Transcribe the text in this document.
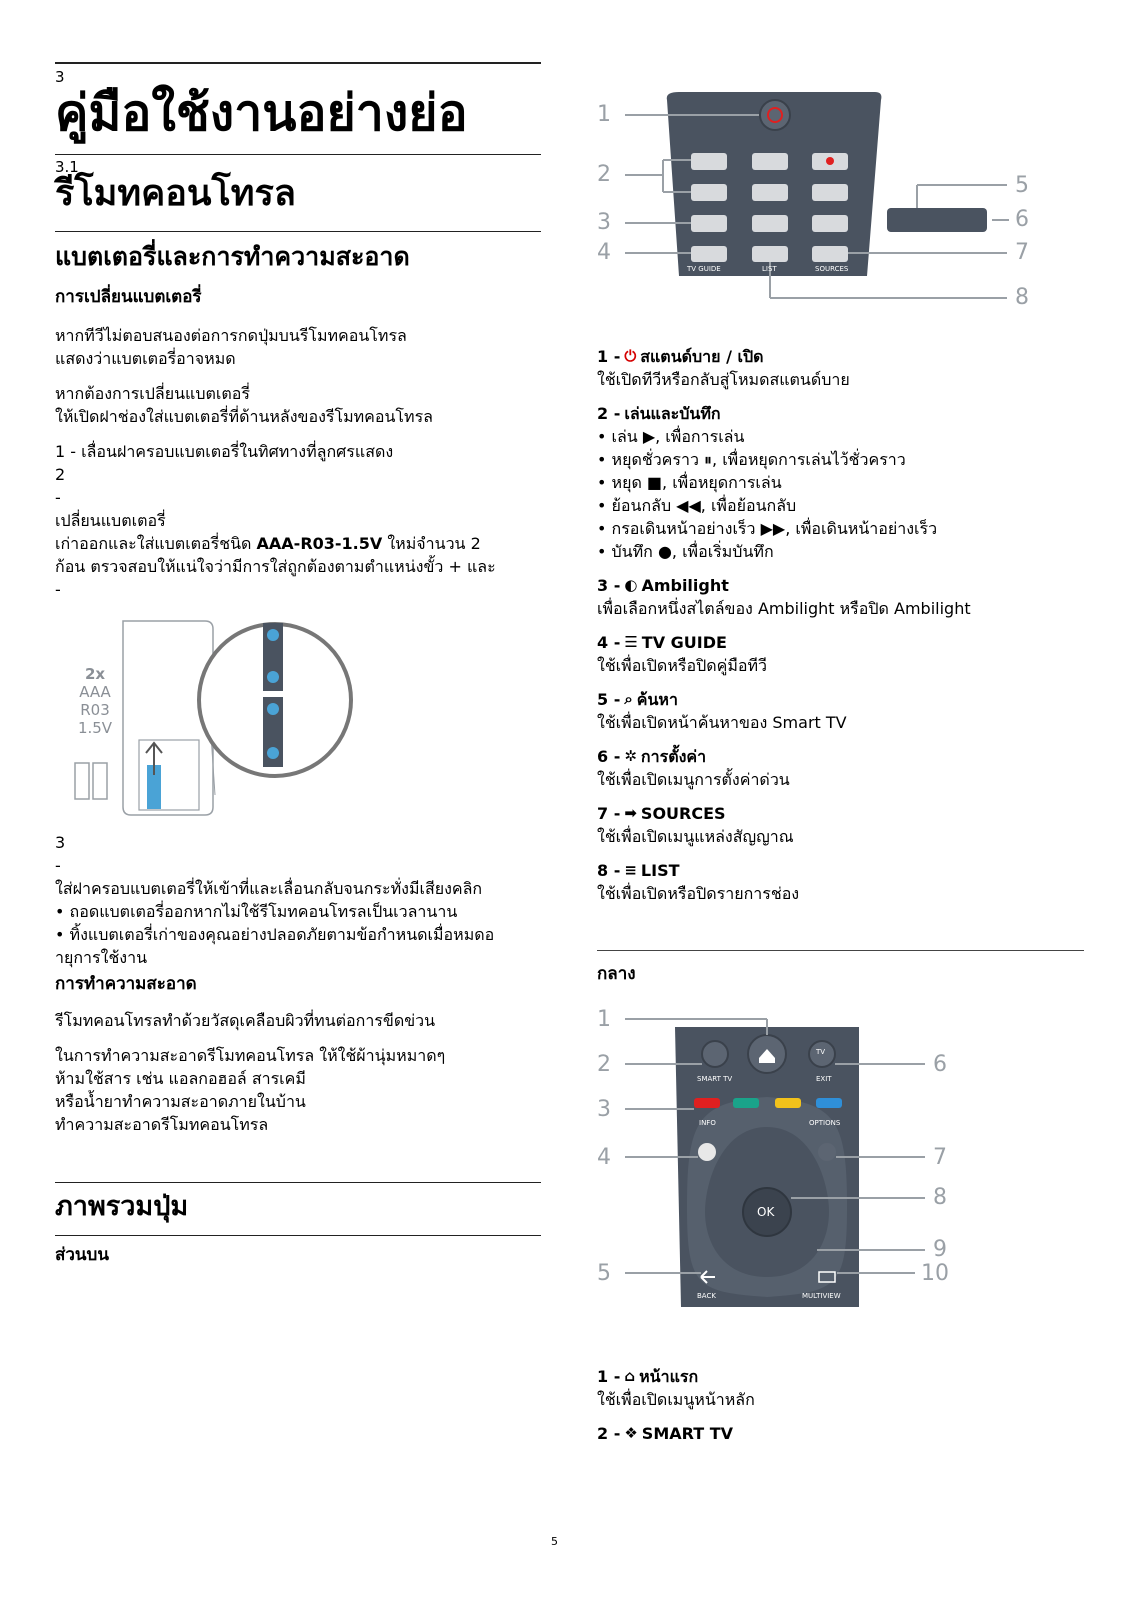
3
คู่มือใช้งานอย่างย่อ
3.1
รีโมทคอนโทรล
แบตเตอรี่และการทำความสะอาด
การเปลี่ยนแบตเตอรี่
หากทีวีไม่ตอบสนองต่อการกดปุ่มบนรีโมทคอนโทรล
แสดงว่าแบตเตอรี่อาจหมด
หากต้องการเปลี่ยนแบตเตอรี่
ให้เปิดฝาช่องใส่แบตเตอรี่ที่ด้านหลังของรีโมทคอนโทรล
1 - เลื่อนฝาครอบแบตเตอรี่ในทิศทางที่ลูกศรแสดง
2
-
เปลี่ยนแบตเตอรี่
เก่าออกและใส่แบตเตอรี่ชนิด AAA-R03-1.5V ใหม่จำนวน 2
ก้อน ตรวจสอบให้แน่ใจว่ามีการใส่ถูกต้องตามตำแหน่งขั้ว + และ
-
2x
AAA
R03
1.5V
3
-
ใส่ฝาครอบแบตเตอรี่ให้เข้าที่และเลื่อนกลับจนกระทั่งมีเสียงคลิก
• ถอดแบตเตอรี่ออกหากไม่ใช้รีโมทคอนโทรลเป็นเวลานาน
• ทิ้งแบตเตอรี่เก่าของคุณอย่างปลอดภัยตามข้อกำหนดเมื่อหมดอ
ายุการใช้งาน
การทำความสะอาด
รีโมทคอนโทรลทำด้วยวัสดุเคลือบผิวที่ทนต่อการขีดข่วน
ในการทำความสะอาดรีโมทคอนโทรล ให้ใช้ผ้านุ่มหมาดๆ
ห้ามใช้สาร เช่น แอลกอฮอล์ สารเคมี
หรือน้ำยาทำความสะอาดภายในบ้าน
ทำความสะอาดรีโมทคอนโทรล
ภาพรวมปุ่ม
ส่วนบน
1
2
3
4
5
6
7
8
TV GUIDE	LIST	SOURCES
1 - ⏻ สแตนด์บาย / เปิด
ใช้เปิดทีวีหรือกลับสู่โหมดสแตนด์บาย
2 - เล่นและบันทึก
• เล่น ▶, เพื่อการเล่น
• หยุดชั่วคราว ⏸, เพื่อหยุดการเล่นไว้ชั่วคราว
• หยุด ■, เพื่อหยุดการเล่น
• ย้อนกลับ ◀◀, เพื่อย้อนกลับ
• กรอเดินหน้าอย่างเร็ว ▶▶, เพื่อเดินหน้าอย่างเร็ว
• บันทึก ●, เพื่อเริ่มบันทึก
3 - ◐ Ambilight
เพื่อเลือกหนึ่งสไตล์ของ Ambilight หรือปิด Ambilight
4 - ☰ TV GUIDE
ใช้เพื่อเปิดหรือปิดคู่มือทีวี
5 - ⌕ ค้นหา
ใช้เพื่อเปิดหน้าค้นหาของ Smart TV
6 - ✲ การตั้งค่า
ใช้เพื่อเปิดเมนูการตั้งค่าด่วน
7 - ➡ SOURCES
ใช้เพื่อเปิดเมนูแหล่งสัญญาณ
8 - ≡ LIST
ใช้เพื่อเปิดหรือปิดรายการช่อง
กลาง
1
2
3
4
5
6
7
8
9
10
SMART TV	EXIT
TV
INFO	OPTIONS
OK
BACK	MULTIVIEW
1 - ⌂ หน้าแรก
ใช้เพื่อเปิดเมนูหน้าหลัก
2 - ❖ SMART TV
5
